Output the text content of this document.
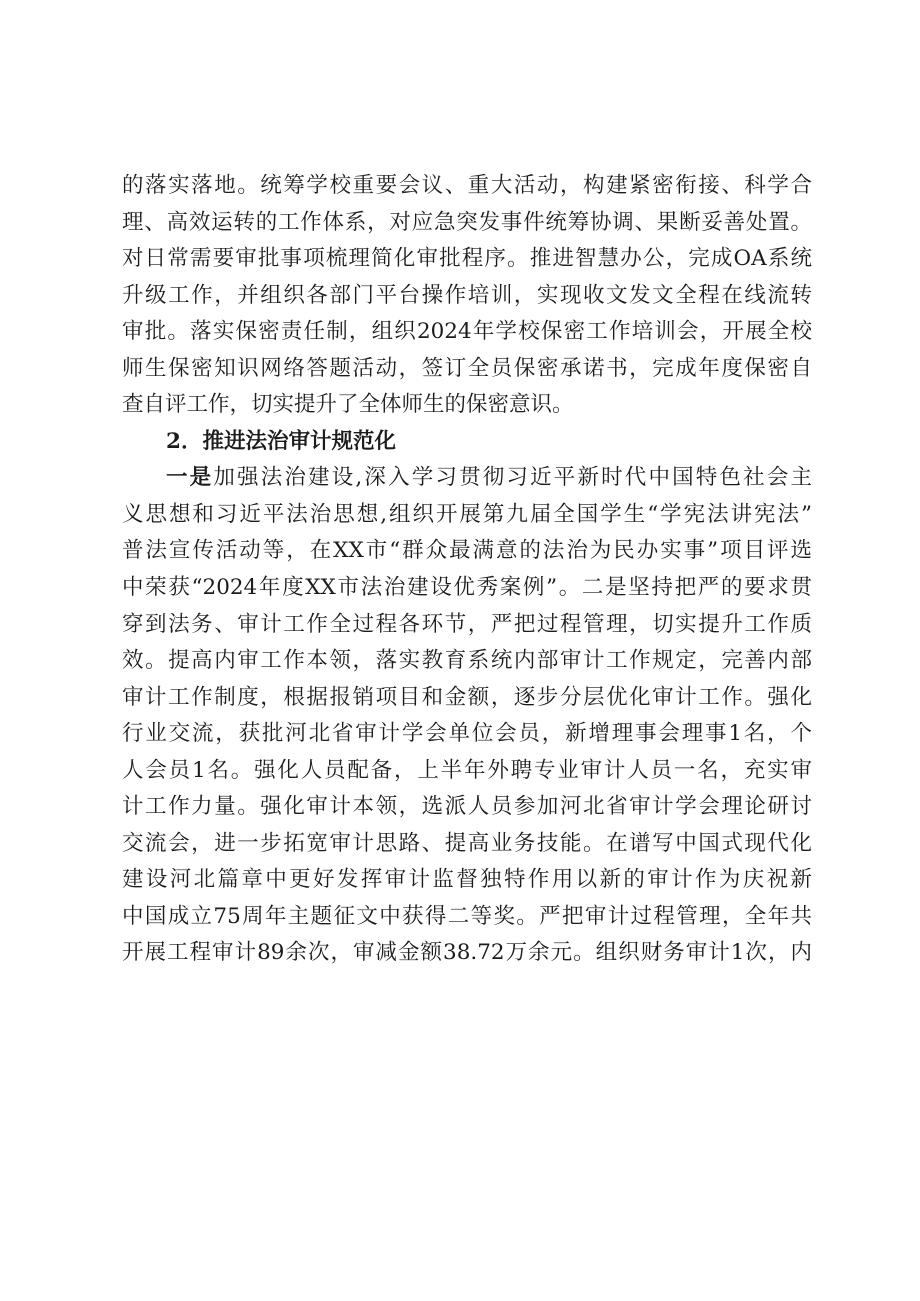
的落实落地。统筹学校重要会议、重大活动，构建紧密衔接、科学合
理、高效运转的工作体系，对应急突发事件统筹协调、果断妥善处置。
对日常需要审批事项梳理简化审批程序。推进智慧办公，完成OA系统
升级工作，并组织各部门平台操作培训，实现收文发文全程在线流转
审批。落实保密责任制，组织2024年学校保密工作培训会，开展全校
师生保密知识网络答题活动，签订全员保密承诺书，完成年度保密自
查自评工作，切实提升了全体师生的保密意识。
2．推进法治审计规范化
一是加强法治建设,深入学习贯彻习近平新时代中国特色社会主
义思想和习近平法治思想,组织开展第九届全国学生“学宪法讲宪法”
普法宣传活动等，在XX市“群众最满意的法治为民办实事”项目评选
中荣获“2024年度XX市法治建设优秀案例”。二是坚持把严的要求贯
穿到法务、审计工作全过程各环节，严把过程管理，切实提升工作质
效。提高内审工作本领，落实教育系统内部审计工作规定，完善内部
审计工作制度，根据报销项目和金额，逐步分层优化审计工作。强化
行业交流，获批河北省审计学会单位会员，新增理事会理事1名，个
人会员1名。强化人员配备，上半年外聘专业审计人员一名，充实审
计工作力量。强化审计本领，选派人员参加河北省审计学会理论研讨
交流会，进一步拓宽审计思路、提高业务技能。在谱写中国式现代化
建设河北篇章中更好发挥审计监督独特作用以新的审计作为庆祝新
中国成立75周年主题征文中获得二等奖。严把审计过程管理，全年共
开展工程审计89余次，审减金额38.72万余元。组织财务审计1次，内
